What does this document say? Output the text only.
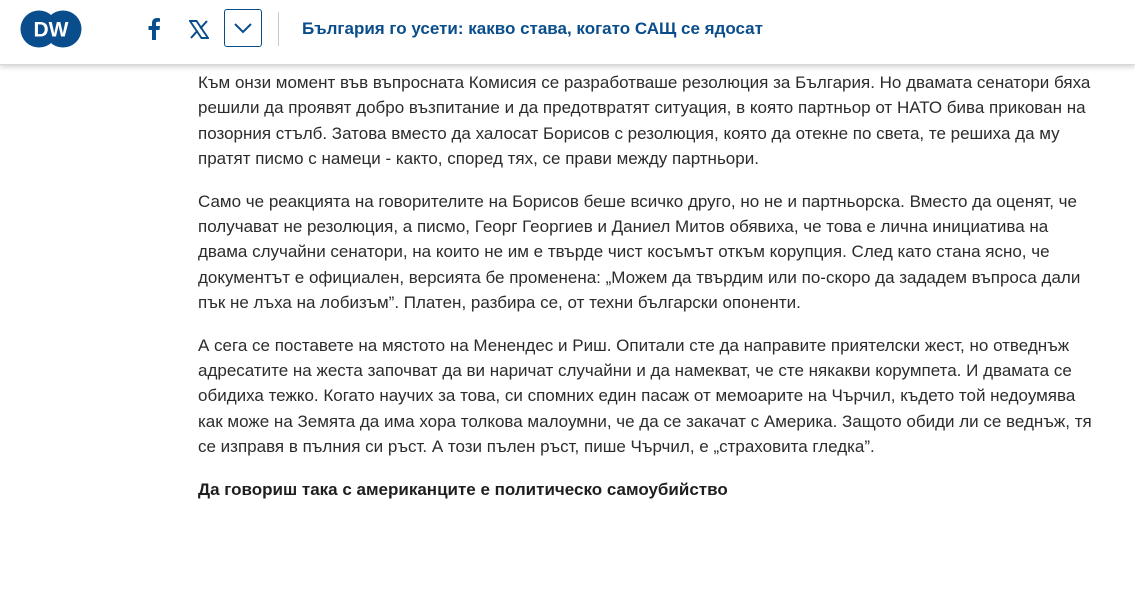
DW	България го усети: какво става, когато САЩ се ядосат

Към онзи момент във въпросната Комисия се разработваше резолюция за България. Но двамата сенатори бяха решили да проявят добро възпитание и да предотвратят ситуация, в която партньор от НАТО бива прикован на позорния стълб. Затова вместо да халосат Борисов с резолюция, която да отекне по света, те решиха да му пратят писмо с намеци - както, според тях, се прави между партньори.

Само че реакцията на говорителите на Борисов беше всичко друго, но не и партньорска. Вместо да оценят, че получават не резолюция, а писмо, Георг Георгиев и Даниел Митов обявиха, че това е лична инициатива на двама случайни сенатори, на които не им е твърде чист косъмът откъм корупция. След като стана ясно, че документът е официален, версията бе променена: „Можем да твърдим или по-скоро да зададем въпроса дали пък не лъха на лобизъм”. Платен, разбира се, от техни български опоненти.

А сега се поставете на мястото на Менендес и Риш. Опитали сте да направите приятелски жест, но отведнъж адресатите на жеста започват да ви наричат случайни и да намекват, че сте някакви корумпета. И двамата се обидиха тежко. Когато научих за това, си спомних един пасаж от мемоарите на Чърчил, където той недоумява как може на Земята да има хора толкова малоумни, че да се закачат с Америка. Защото обиди ли се веднъж, тя се изправя в пълния си ръст. А този пълен ръст, пише Чърчил, е „страховита гледка”.

Да говориш така с американците е политическо самоубийство
